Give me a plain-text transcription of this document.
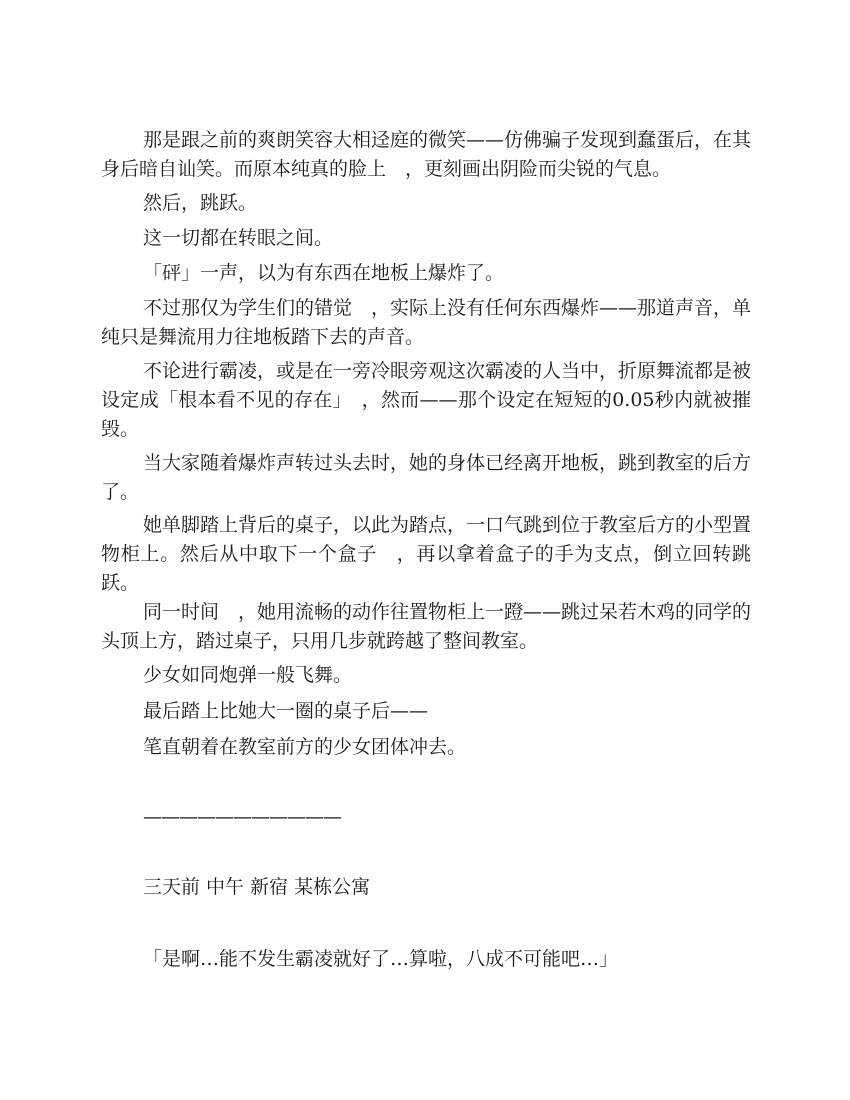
那是跟之前的爽朗笑容大相迳庭的微笑——仿佛骗子发现到蠢蛋后，在其身后暗自讪笑。而原本纯真的脸上　，更刻画出阴险而尖锐的气息。

然后，跳跃。

这一切都在转眼之间。

「砰」一声，以为有东西在地板上爆炸了。

不过那仅为学生们的错觉　，实际上没有任何东西爆炸——那道声音，单纯只是舞流用力往地板踏下去的声音。

不论进行霸凌，或是在一旁冷眼旁观这次霸凌的人当中，折原舞流都是被设定成「根本看不见的存在」　，然而——那个设定在短短的0.05秒内就被摧毁。

当大家随着爆炸声转过头去时，她的身体已经离开地板，跳到教室的后方了。

她单脚踏上背后的桌子，以此为踏点，一口气跳到位于教室后方的小型置物柜上。然后从中取下一个盒子　，再以拿着盒子的手为支点，倒立回转跳跃。

同一时间　，她用流畅的动作往置物柜上一蹬——跳过呆若木鸡的同学的头顶上方，踏过桌子，只用几步就跨越了整间教室。

少女如同炮弹一般飞舞。

最后踏上比她大一圈的桌子后——

笔直朝着在教室前方的少女团体冲去。

———————————

三天前 中午 新宿 某栋公寓

「是啊…能不发生霸凌就好了…算啦，八成不可能吧…」
